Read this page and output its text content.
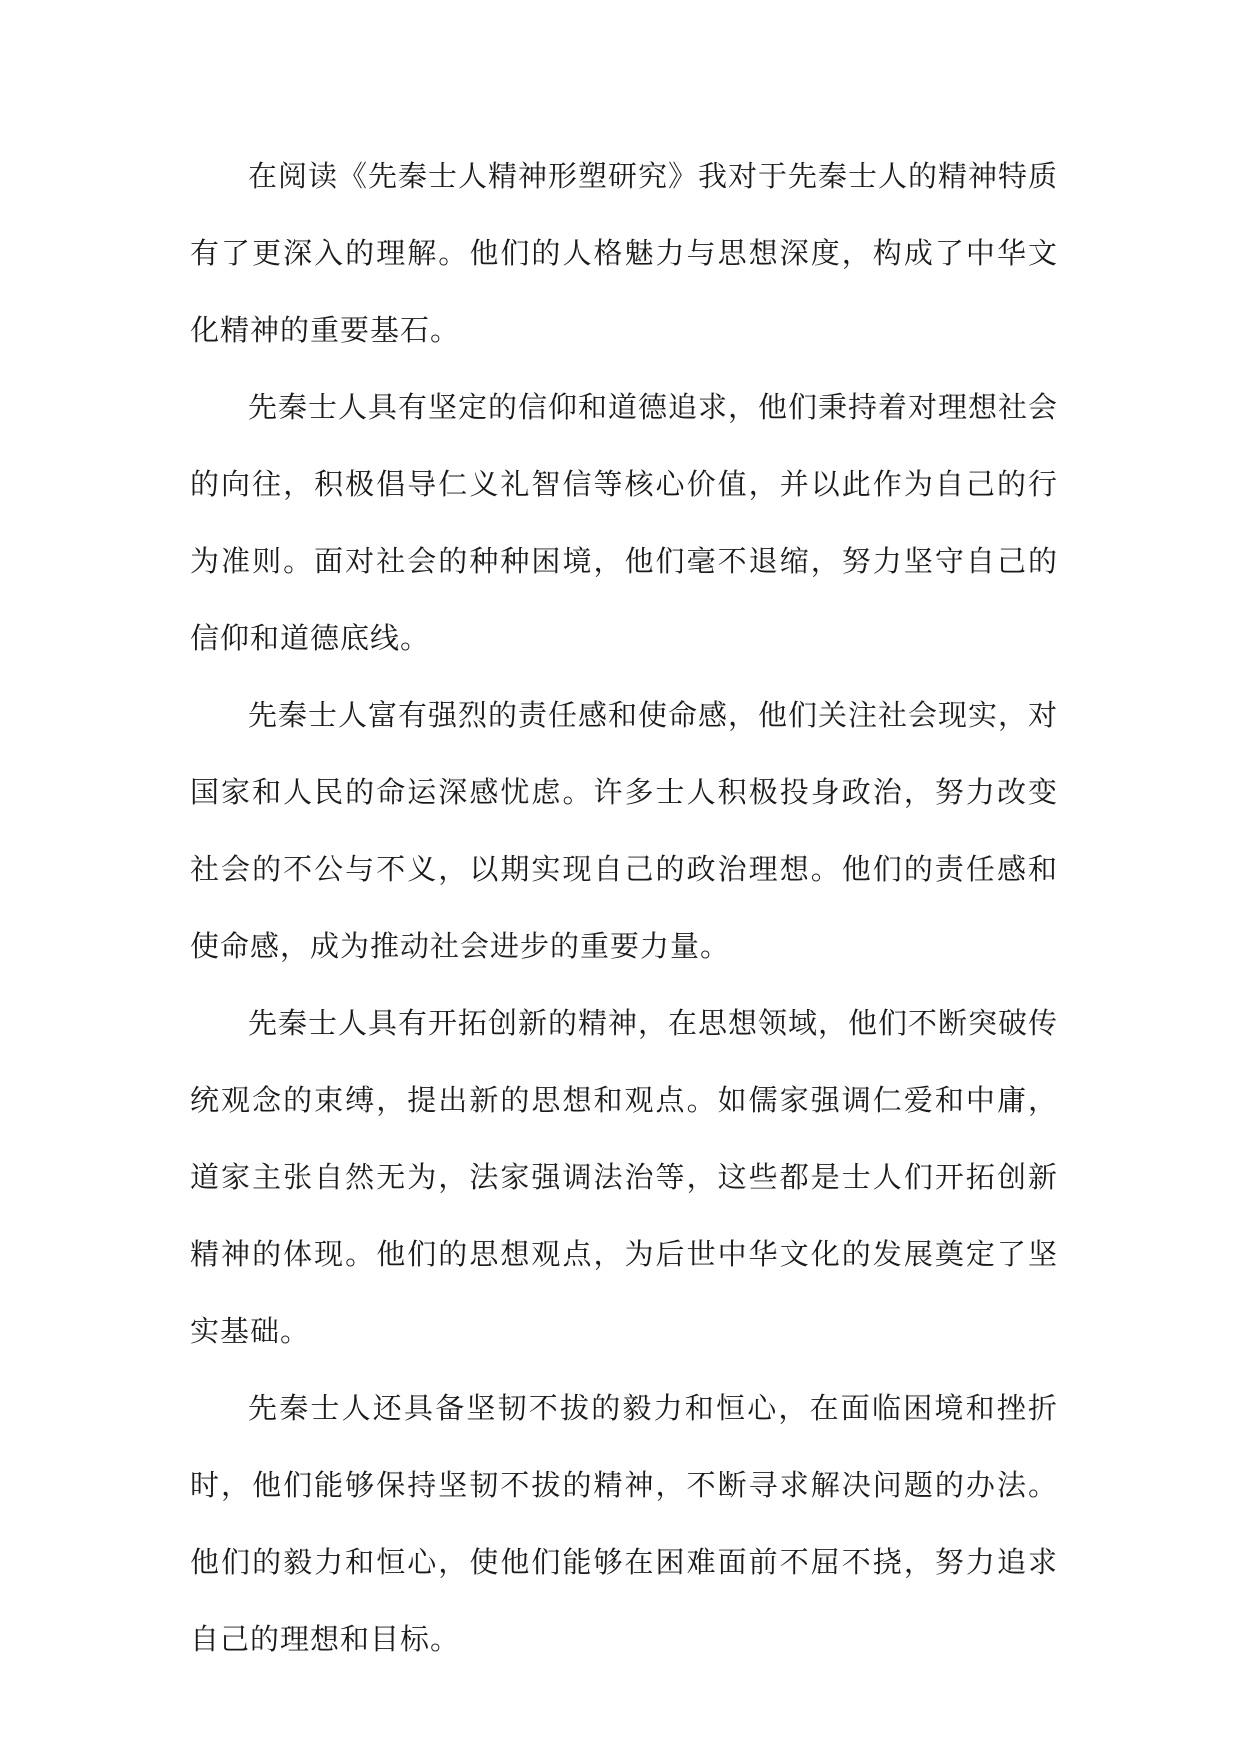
在阅读《先秦士人精神形塑研究》我对于先秦士人的精神特质有了更深入的理解。他们的人格魅力与思想深度，构成了中华文化精神的重要基石。

先秦士人具有坚定的信仰和道德追求，他们秉持着对理想社会的向往，积极倡导仁义礼智信等核心价值，并以此作为自己的行为准则。面对社会的种种困境，他们毫不退缩，努力坚守自己的信仰和道德底线。

先秦士人富有强烈的责任感和使命感，他们关注社会现实，对国家和人民的命运深感忧虑。许多士人积极投身政治，努力改变社会的不公与不义，以期实现自己的政治理想。他们的责任感和使命感，成为推动社会进步的重要力量。

先秦士人具有开拓创新的精神，在思想领域，他们不断突破传统观念的束缚，提出新的思想和观点。如儒家强调仁爱和中庸，道家主张自然无为，法家强调法治等，这些都是士人们开拓创新精神的体现。他们的思想观点，为后世中华文化的发展奠定了坚实基础。

先秦士人还具备坚韧不拔的毅力和恒心，在面临困境和挫折时，他们能够保持坚韧不拔的精神，不断寻求解决问题的办法。他们的毅力和恒心，使他们能够在困难面前不屈不挠，努力追求自己的理想和目标。
